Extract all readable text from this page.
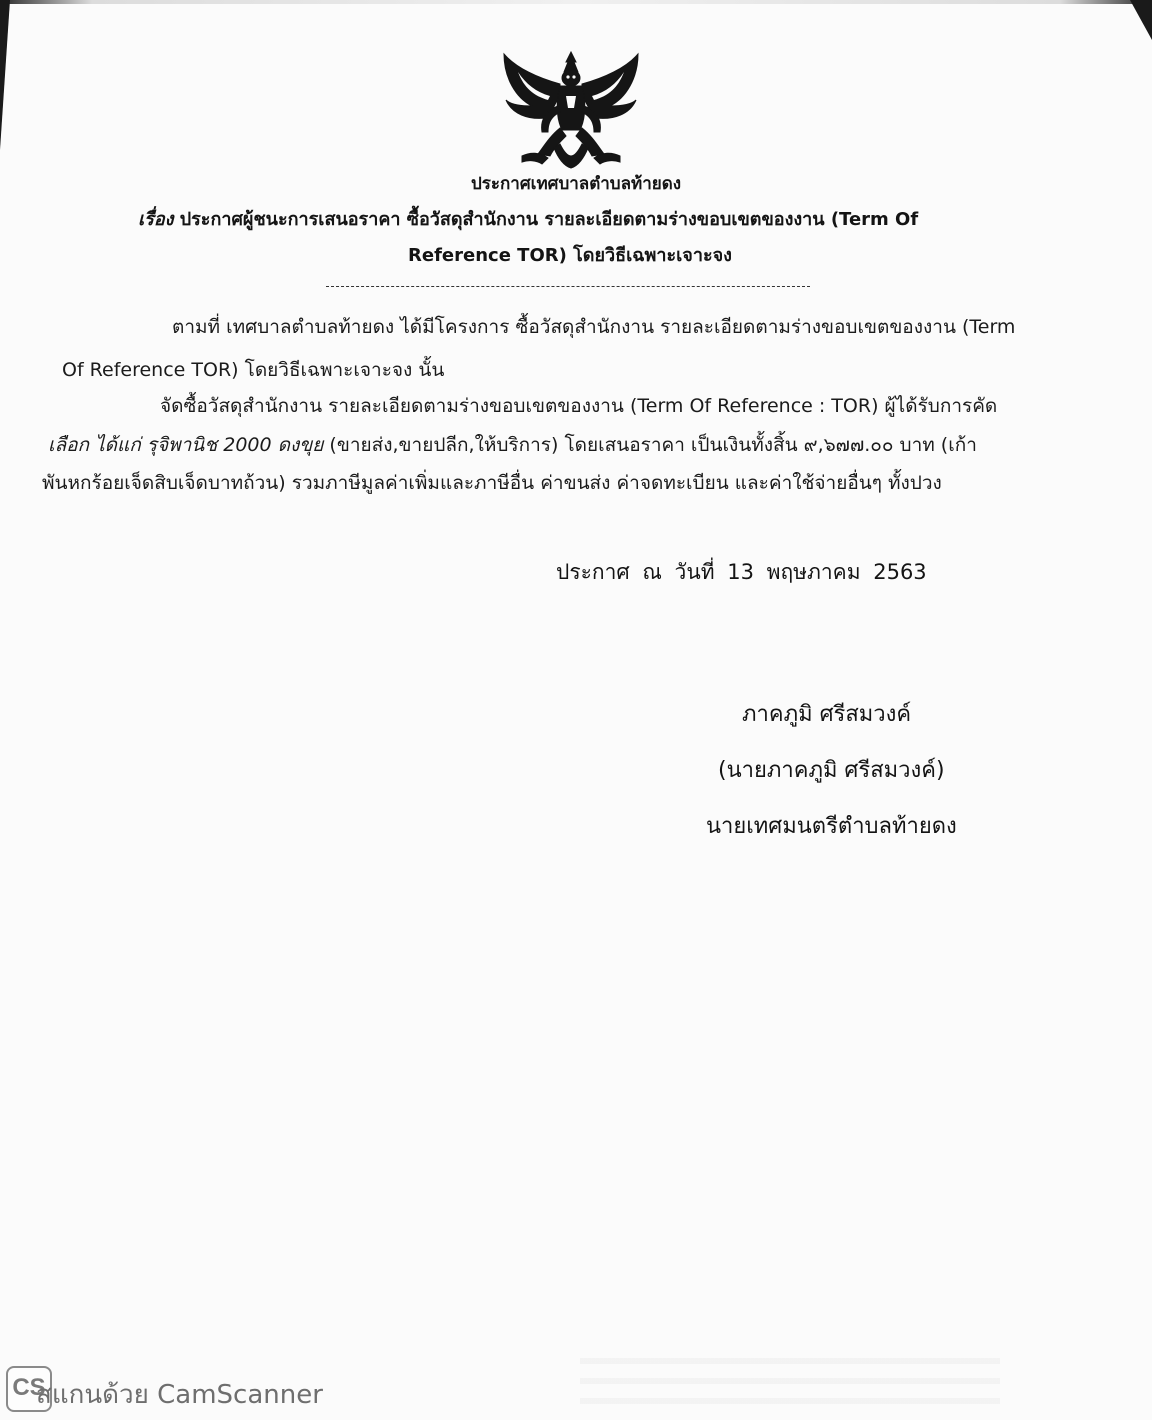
ประกาศเทศบาลตำบลท้ายดง
เรื่อง ประกาศผู้ชนะการเสนอราคา ซื้อวัสดุสำนักงาน รายละเอียดตามร่างขอบเขตของงาน (Term Of
Reference TOR) โดยวิธีเฉพาะเจาะจง
ตามที่ เทศบาลตำบลท้ายดง ได้มีโครงการ ซื้อวัสดุสำนักงาน รายละเอียดตามร่างขอบเขตของงาน (Term
Of Reference TOR) โดยวิธีเฉพาะเจาะจง นั้น
จัดซื้อวัสดุสำนักงาน รายละเอียดตามร่างขอบเขตของงาน (Term Of Reference : TOR) ผู้ได้รับการคัด
เลือก ได้แก่ รุจิพานิช 2000 ดงขุย (ขายส่ง,ขายปลีก,ให้บริการ) โดยเสนอราคา เป็นเงินทั้งสิ้น ๙,๖๗๗.๐๐ บาท (เก้า
พันหกร้อยเจ็ดสิบเจ็ดบาทถ้วน) รวมภาษีมูลค่าเพิ่มและภาษีอื่น ค่าขนส่ง ค่าจดทะเบียน และค่าใช้จ่ายอื่นๆ ทั้งปวง
ประกาศ ณ วันที่ 13 พฤษภาคม 2563
ภาคภูมิ ศรีสมวงค์
(นายภาคภูมิ ศรีสมวงค์)
นายเทศมนตรีตำบลท้ายดง
CS
สแกนด้วย CamScanner
